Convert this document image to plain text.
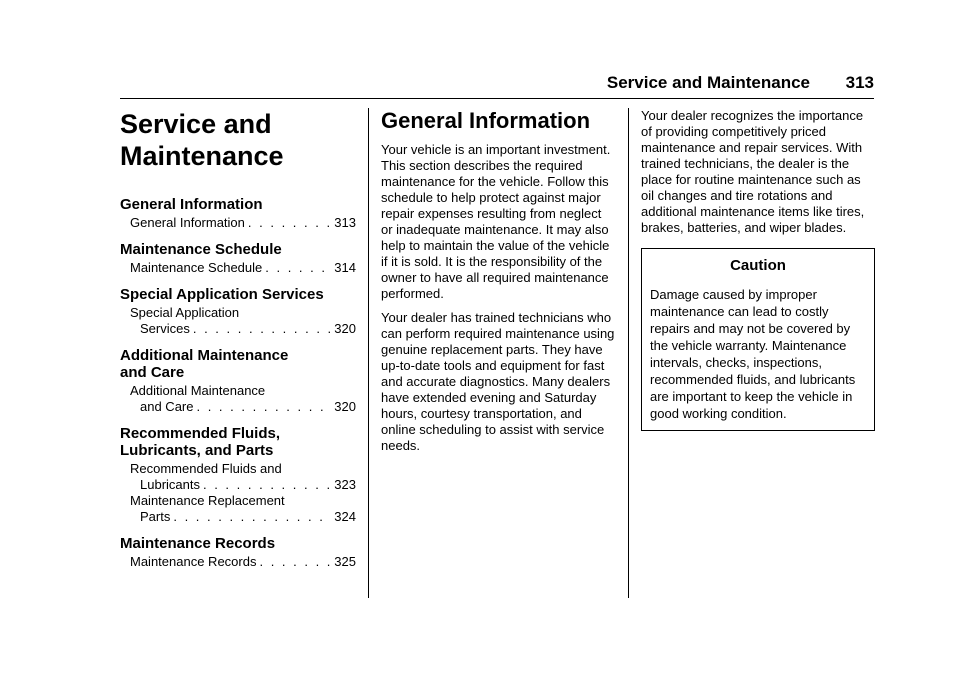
Service and Maintenance 313
Service and
Maintenance
General Information
General Information . . .	313
Maintenance Schedule
Maintenance Schedule . . .	314
Special Application Services
Special Application
Services . . .	320
Additional Maintenance
and Care
Additional Maintenance
and Care . . .	320
Recommended Fluids,
Lubricants, and Parts
Recommended Fluids and
Lubricants . . .	323
Maintenance Replacement
Parts . . .	324
Maintenance Records
Maintenance Records . . .	325
General Information

Your vehicle is an important investment. This section describes the required maintenance for the vehicle. Follow this schedule to help protect against major repair expenses resulting from neglect or inadequate maintenance. It may also help to maintain the value of the vehicle if it is sold. It is the responsibility of the owner to have all required maintenance performed.

Your dealer has trained technicians who can perform required maintenance using genuine replacement parts. They have up-to-date tools and equipment for fast and accurate diagnostics. Many dealers have extended evening and Saturday hours, courtesy transportation, and online scheduling to assist with service needs.

Your dealer recognizes the importance of providing competitively priced maintenance and repair services. With trained technicians, the dealer is the place for routine maintenance such as oil changes and tire rotations and additional maintenance items like tires, brakes, batteries, and wiper blades.

Caution

Damage caused by improper maintenance can lead to costly repairs and may not be covered by the vehicle warranty. Maintenance intervals, checks, inspections, recommended fluids, and lubricants are important to keep the vehicle in good working condition.
